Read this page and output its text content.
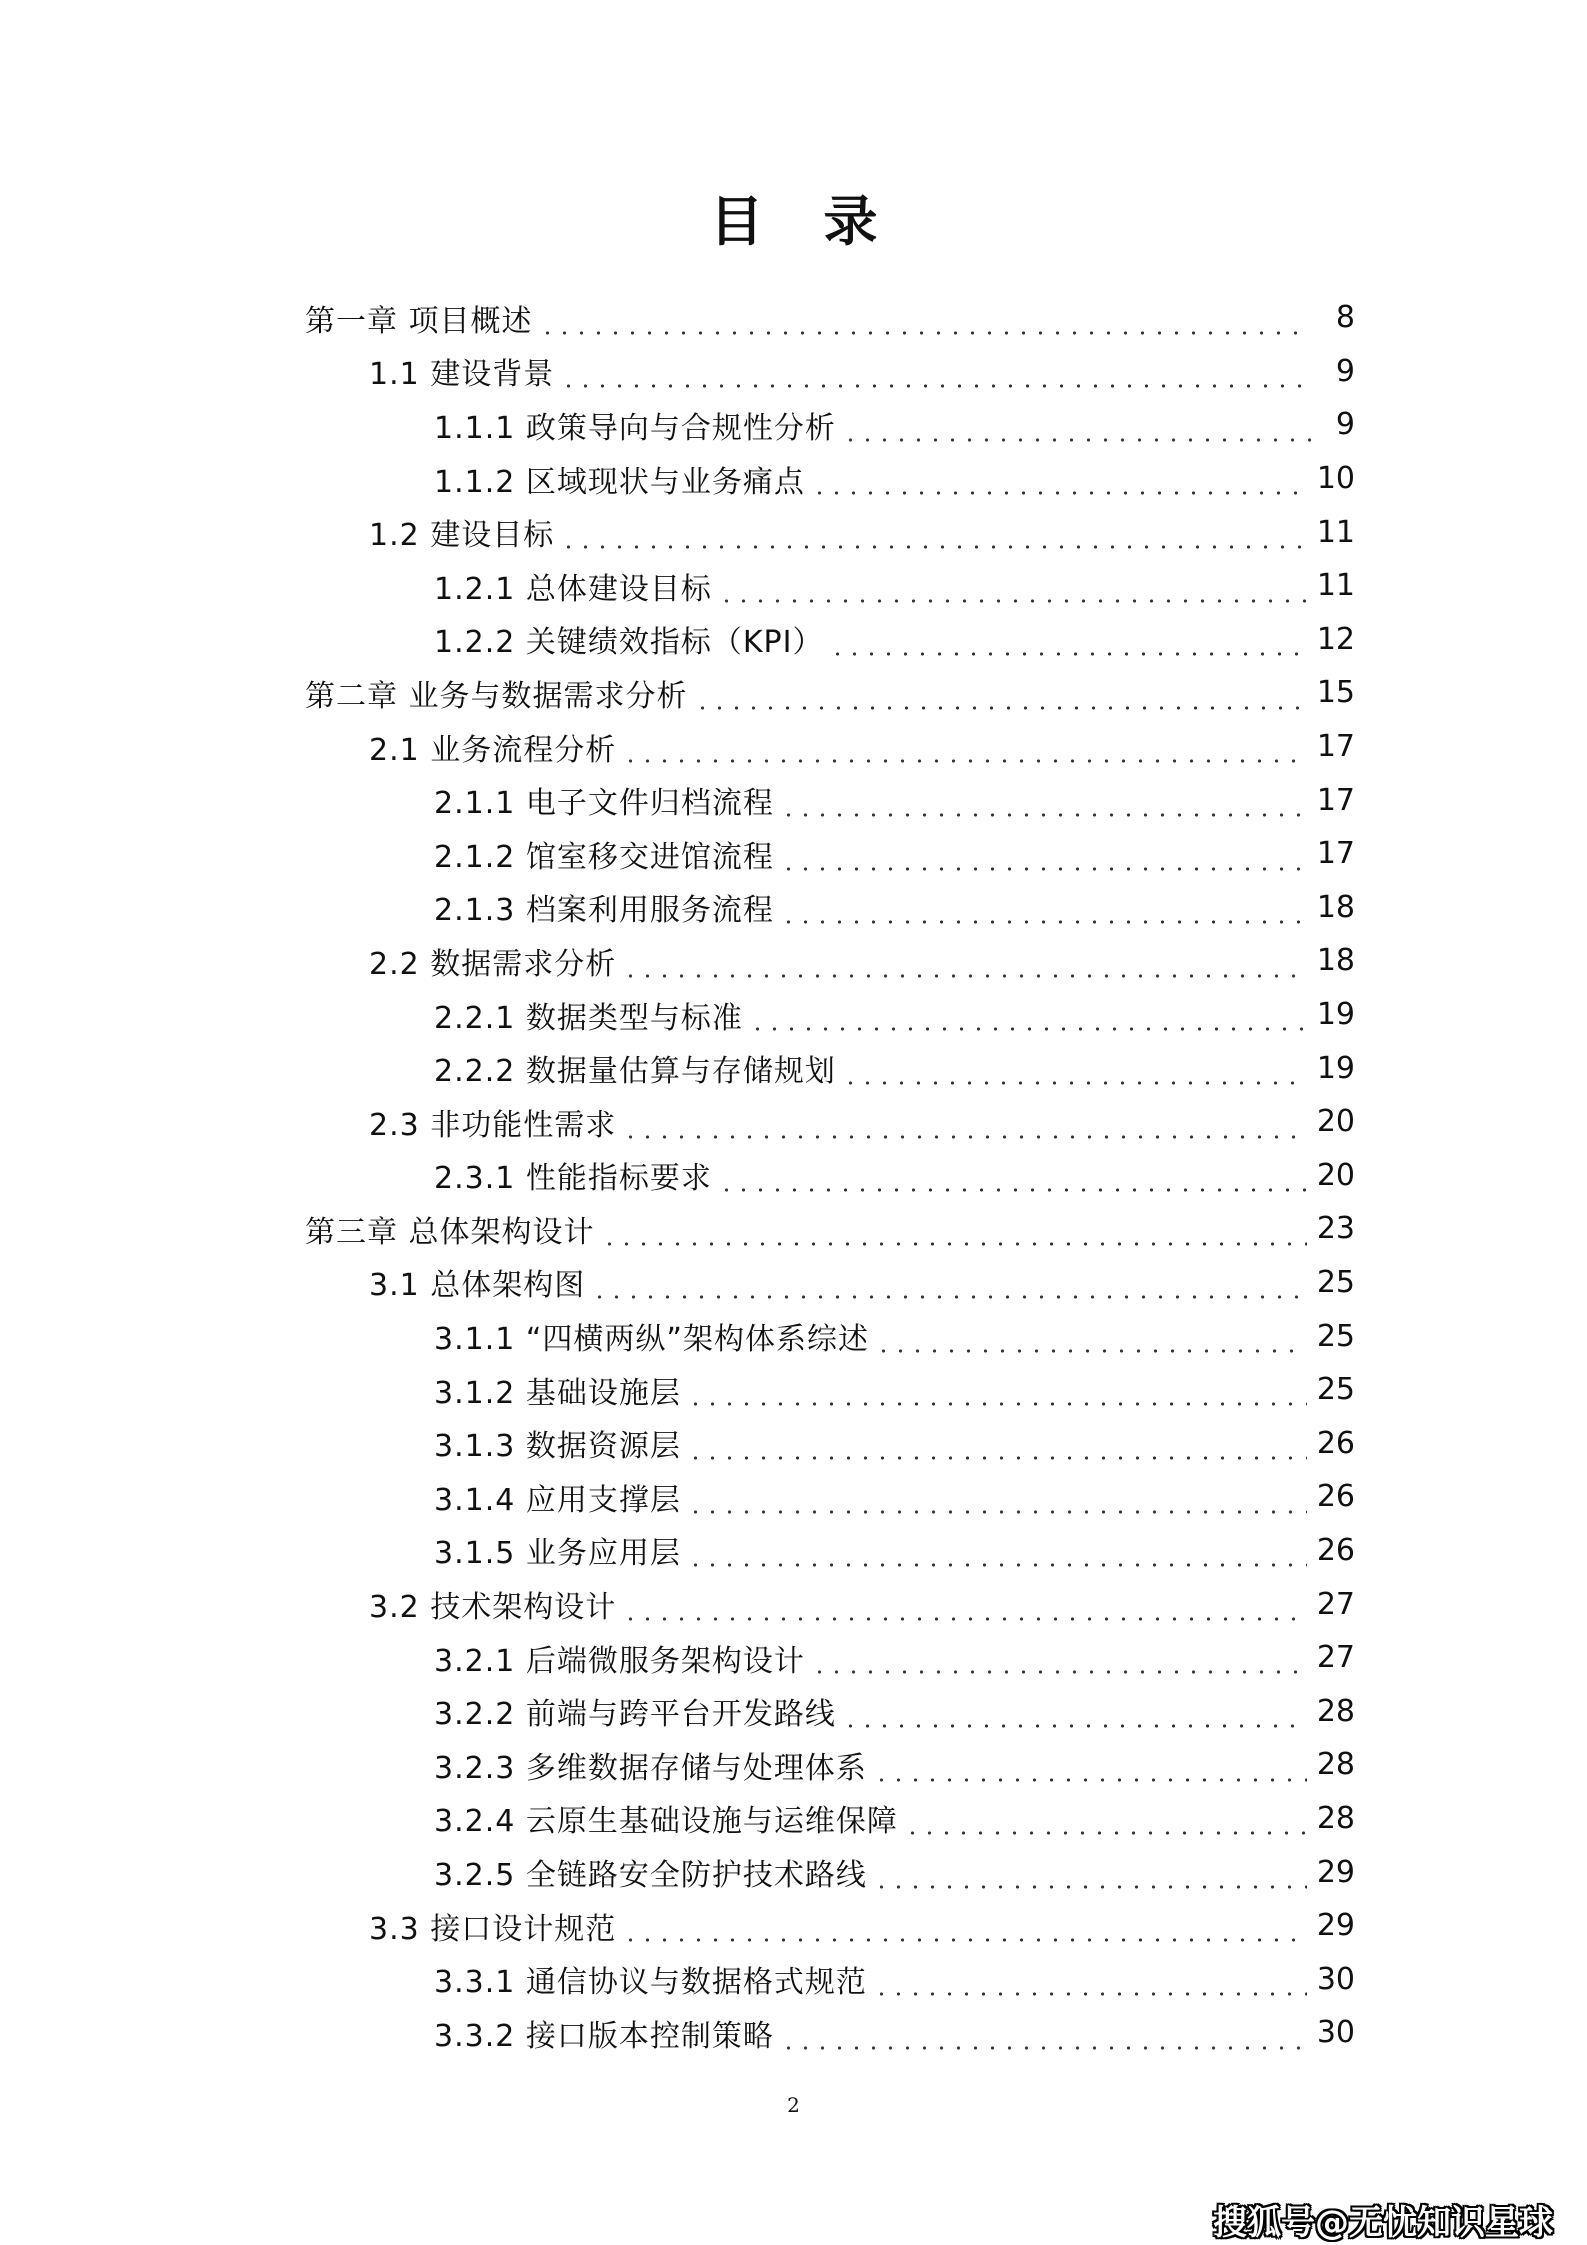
目录
第一章 项目概述	8
1.1 建设背景	9
1.1.1 政策导向与合规性分析	9
1.1.2 区域现状与业务痛点	10
1.2 建设目标	11
1.2.1 总体建设目标	11
1.2.2 关键绩效指标（KPI）	12
第二章 业务与数据需求分析	15
2.1 业务流程分析	17
2.1.1 电子文件归档流程	17
2.1.2 馆室移交进馆流程	17
2.1.3 档案利用服务流程	18
2.2 数据需求分析	18
2.2.1 数据类型与标准	19
2.2.2 数据量估算与存储规划	19
2.3 非功能性需求	20
2.3.1 性能指标要求	20
第三章 总体架构设计	23
3.1 总体架构图	25
3.1.1 “四横两纵”架构体系综述	25
3.1.2 基础设施层	25
3.1.3 数据资源层	26
3.1.4 应用支撑层	26
3.1.5 业务应用层	26
3.2 技术架构设计	27
3.2.1 后端微服务架构设计	27
3.2.2 前端与跨平台开发路线	28
3.2.3 多维数据存储与处理体系	28
3.2.4 云原生基础设施与运维保障	28
3.2.5 全链路安全防护技术路线	29
3.3 接口设计规范	29
3.3.1 通信协议与数据格式规范	30
3.3.2 接口版本控制策略	30
2
搜狐号@无忧知识星球
